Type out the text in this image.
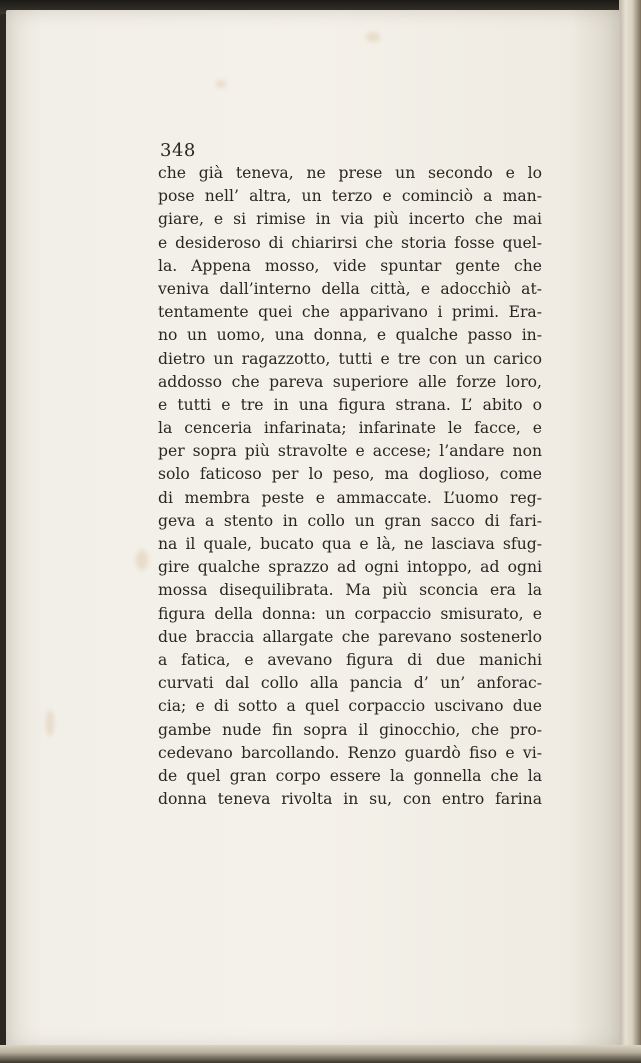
348
che già teneva, ne prese un secondo e lo
pose nell’ altra, un terzo e cominciò a man-
giare, e si rimise in via più incerto che mai
e desideroso di chiarirsi che storia fosse quel-
la. Appena mosso, vide spuntar gente che
veniva dall’interno della città, e adocchiò at-
tentamente quei che apparivano i primi. Era-
no un uomo, una donna, e qualche passo in-
dietro un ragazzotto, tutti e tre con un carico
addosso che pareva superiore alle forze loro,
e tutti e tre in una figura strana. L’ abito o
la cenceria infarinata; infarinate le facce, e
per sopra più stravolte e accese; l’andare non
solo faticoso per lo peso, ma doglioso, come
di membra peste e ammaccate. L’uomo reg-
geva a stento in collo un gran sacco di fari-
na il quale, bucato qua e là, ne lasciava sfug-
gire qualche sprazzo ad ogni intoppo, ad ogni
mossa disequilibrata. Ma più sconcia era la
figura della donna: un corpaccio smisurato, e
due braccia allargate che parevano sostenerlo
a fatica, e avevano figura di due manichi
curvati dal collo alla pancia d’ un’ anforac-
cia; e di sotto a quel corpaccio uscivano due
gambe nude fin sopra il ginocchio, che pro-
cedevano barcollando. Renzo guardò fiso e vi-
de quel gran corpo essere la gonnella che la
donna teneva rivolta in su, con entro farina
